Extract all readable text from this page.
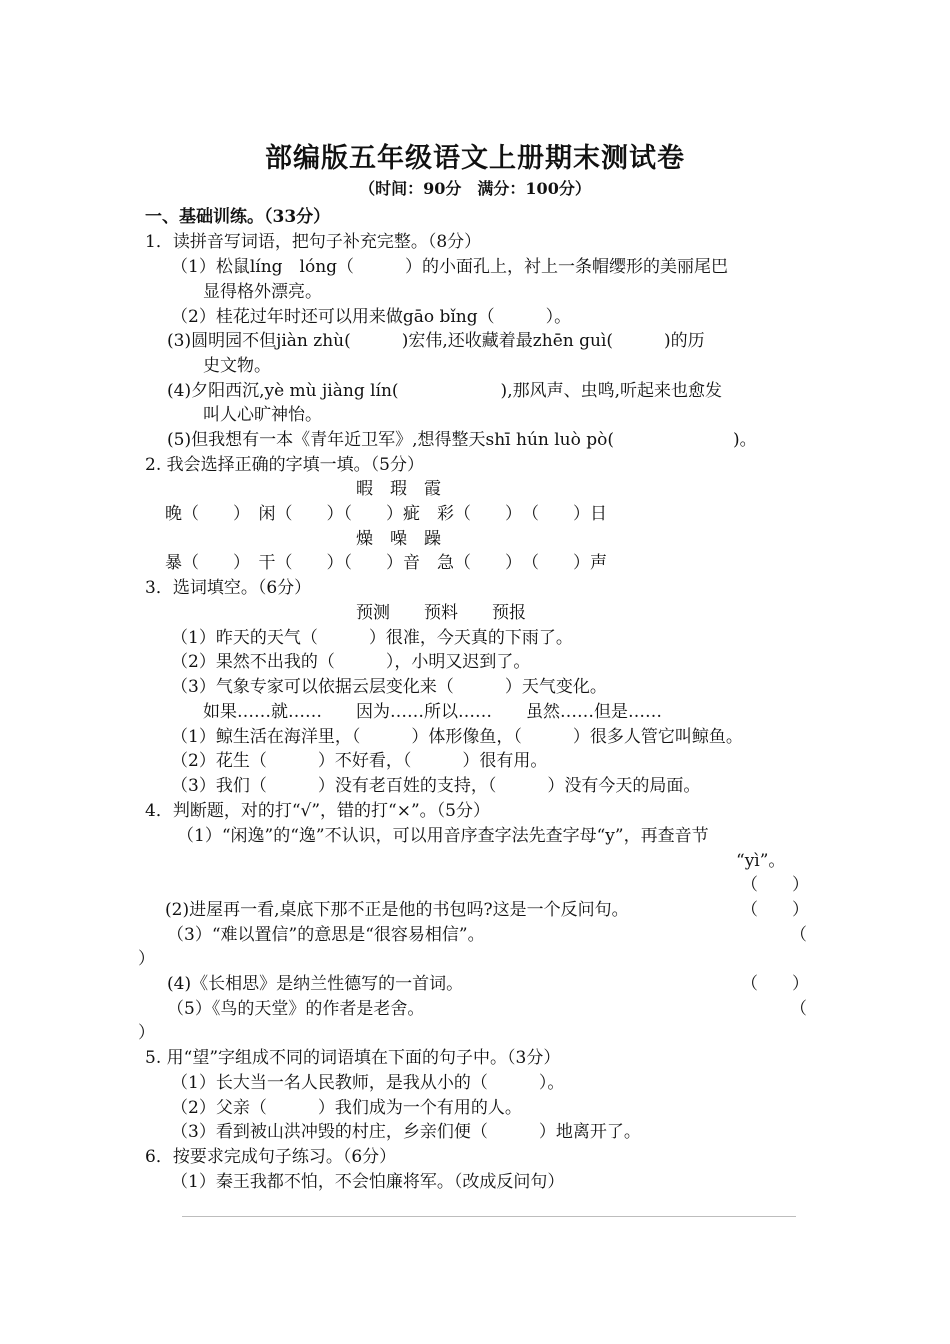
部编版五年级语文上册期末测试卷
（时间：90分　满分：100分）
一、基础训练。（33分）
1．读拼音写词语，把句子补充完整。（8分）
（1）松鼠líng　lóng（　　　）的小面孔上，衬上一条帽缨形的美丽尾巴
显得格外漂亮。
（2）桂花过年时还可以用来做gāo bǐng（　　　）。
(3)圆明园不但jiàn zhù(　　　)宏伟,还收藏着最zhēn guì(　　　)的历
史文物。
(4)夕阳西沉,yè mù jiàng lín(　　　　　　),那风声、虫鸣,听起来也愈发
叫人心旷神怡。
(5)但我想有一本《青年近卫军》,想得整天shī hún luò pò(　　　　　　　)。
2. 我会选择正确的字填一填。（5分）
暇　瑕　霞
晚（　　）　闲（　　）（　　）疵　彩（　　）　（　　）日
燥　噪　躁
暴（　　）　干（　　）（　　）音　急（　　）　（　　）声
3．选词填空。（6分）
预测　　预料　　预报
（1）昨天的天气（　　　）很准，今天真的下雨了。
（2）果然不出我的（　　　），小明又迟到了。
（3）气象专家可以依据云层变化来（　　　）天气变化。
如果……就……　　因为……所以……　　虽然……但是……
（1）鲸生活在海洋里，（　　　）体形像鱼，（　　　）很多人管它叫鲸鱼。
（2）花生（　　　）不好看，（　　　）很有用。
（3）我们（　　　）没有老百姓的支持，（　　　）没有今天的局面。
4．判断题，对的打“√”，错的打“×”。（5分）
（1）“闲逸”的“逸”不认识，可以用音序查字法先查字母“y”，再查音节
“yì”。
（　　）
(2)进屋再一看,桌底下那不正是他的书包吗?这是一个反问句。	（　　）
（3）“难以置信”的意思是“很容易相信”。	（
）
(4)《长相思》是纳兰性德写的一首词。	（　　）
（5）《鸟的天堂》的作者是老舍。	（
）
5. 用“望”字组成不同的词语填在下面的句子中。（3分）
（1）长大当一名人民教师，是我从小的（　　　）。
（2）父亲（　　　）我们成为一个有用的人。
（3）看到被山洪冲毁的村庄，乡亲们便（　　　）地离开了。
6．按要求完成句子练习。（6分）
（1）秦王我都不怕，不会怕廉将军。（改成反问句）
